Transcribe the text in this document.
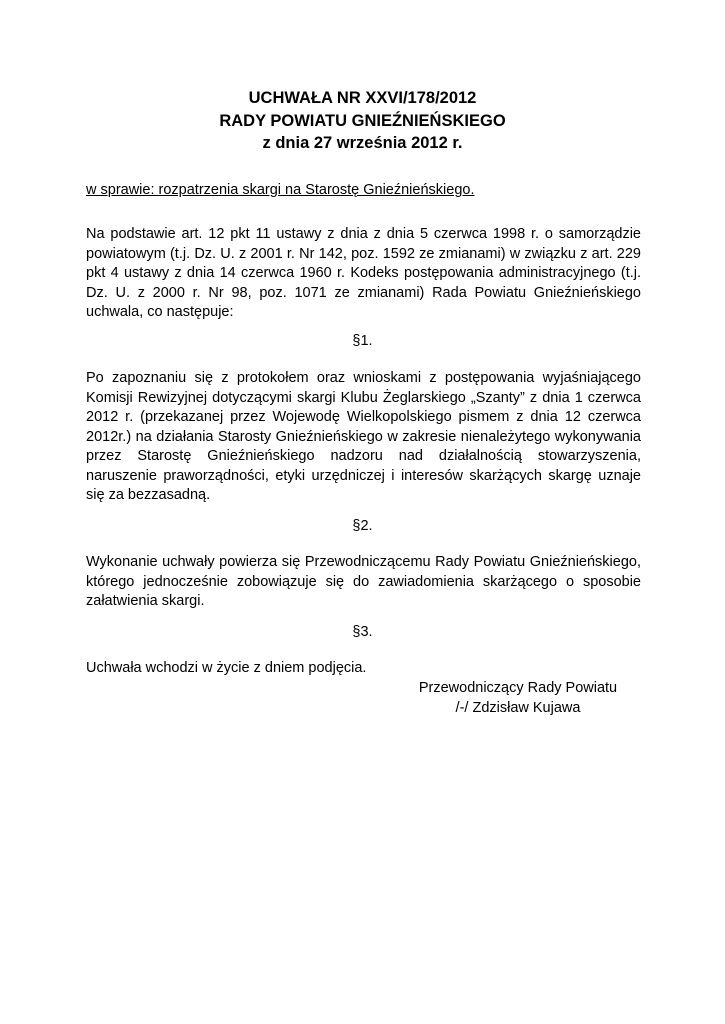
UCHWAŁA NR XXVI/178/2012
RADY POWIATU GNIEŹNIEŃSKIEGO
z dnia 27 września 2012 r.
w sprawie: rozpatrzenia skargi na Starostę Gnieźnieńskiego.
Na podstawie art. 12 pkt 11 ustawy z dnia z dnia 5 czerwca 1998 r. o samorządzie powiatowym (t.j. Dz. U. z 2001 r. Nr 142, poz. 1592 ze zmianami) w związku z art. 229 pkt 4 ustawy z dnia 14 czerwca 1960 r. Kodeks postępowania administracyjnego (t.j. Dz. U. z 2000 r. Nr 98, poz. 1071 ze zmianami) Rada Powiatu Gnieźnieńskiego uchwala, co następuje:
§1.
Po zapoznaniu się z protokołem oraz wnioskami z postępowania wyjaśniającego Komisji Rewizyjnej dotyczącymi skargi Klubu Żeglarskiego „Szanty” z dnia 1 czerwca 2012 r. (przekazanej przez Wojewodę Wielkopolskiego pismem z dnia 12 czerwca 2012r.) na działania Starosty Gnieźnieńskiego w zakresie nienależytego wykonywania przez Starostę Gnieźnieńskiego nadzoru nad działalnością stowarzyszenia, naruszenie praworządności, etyki urzędniczej i interesów skarżących skargę uznaje się za bezzasadną.
§2.
Wykonanie uchwały powierza się Przewodniczącemu Rady Powiatu Gnieźnieńskiego, którego jednocześnie zobowiązuje się do zawiadomienia skarżącego o sposobie załatwienia skargi.
§3.
Uchwała wchodzi w życie z dniem podjęcia.
Przewodniczący Rady Powiatu
/-/ Zdzisław Kujawa
